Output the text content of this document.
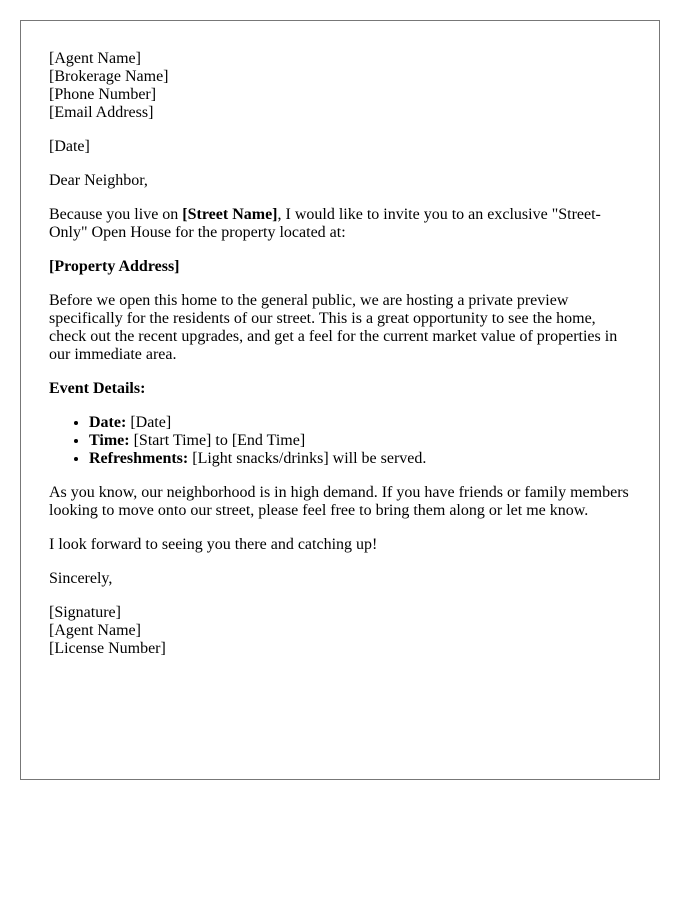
[Agent Name]
[Brokerage Name]
[Phone Number]
[Email Address]

[Date]

Dear Neighbor,

Because you live on [Street Name], I would like to invite you to an exclusive "Street-Only" Open House for the property located at:

[Property Address]

Before we open this home to the general public, we are hosting a private preview specifically for the residents of our street. This is a great opportunity to see the home, check out the recent upgrades, and get a feel for the current market value of properties in our immediate area.

Event Details:

• Date: [Date]
• Time: [Start Time] to [End Time]
• Refreshments: [Light snacks/drinks] will be served.

As you know, our neighborhood is in high demand. If you have friends or family members looking to move onto our street, please feel free to bring them along or let me know.

I look forward to seeing you there and catching up!

Sincerely,

[Signature]
[Agent Name]
[License Number]
